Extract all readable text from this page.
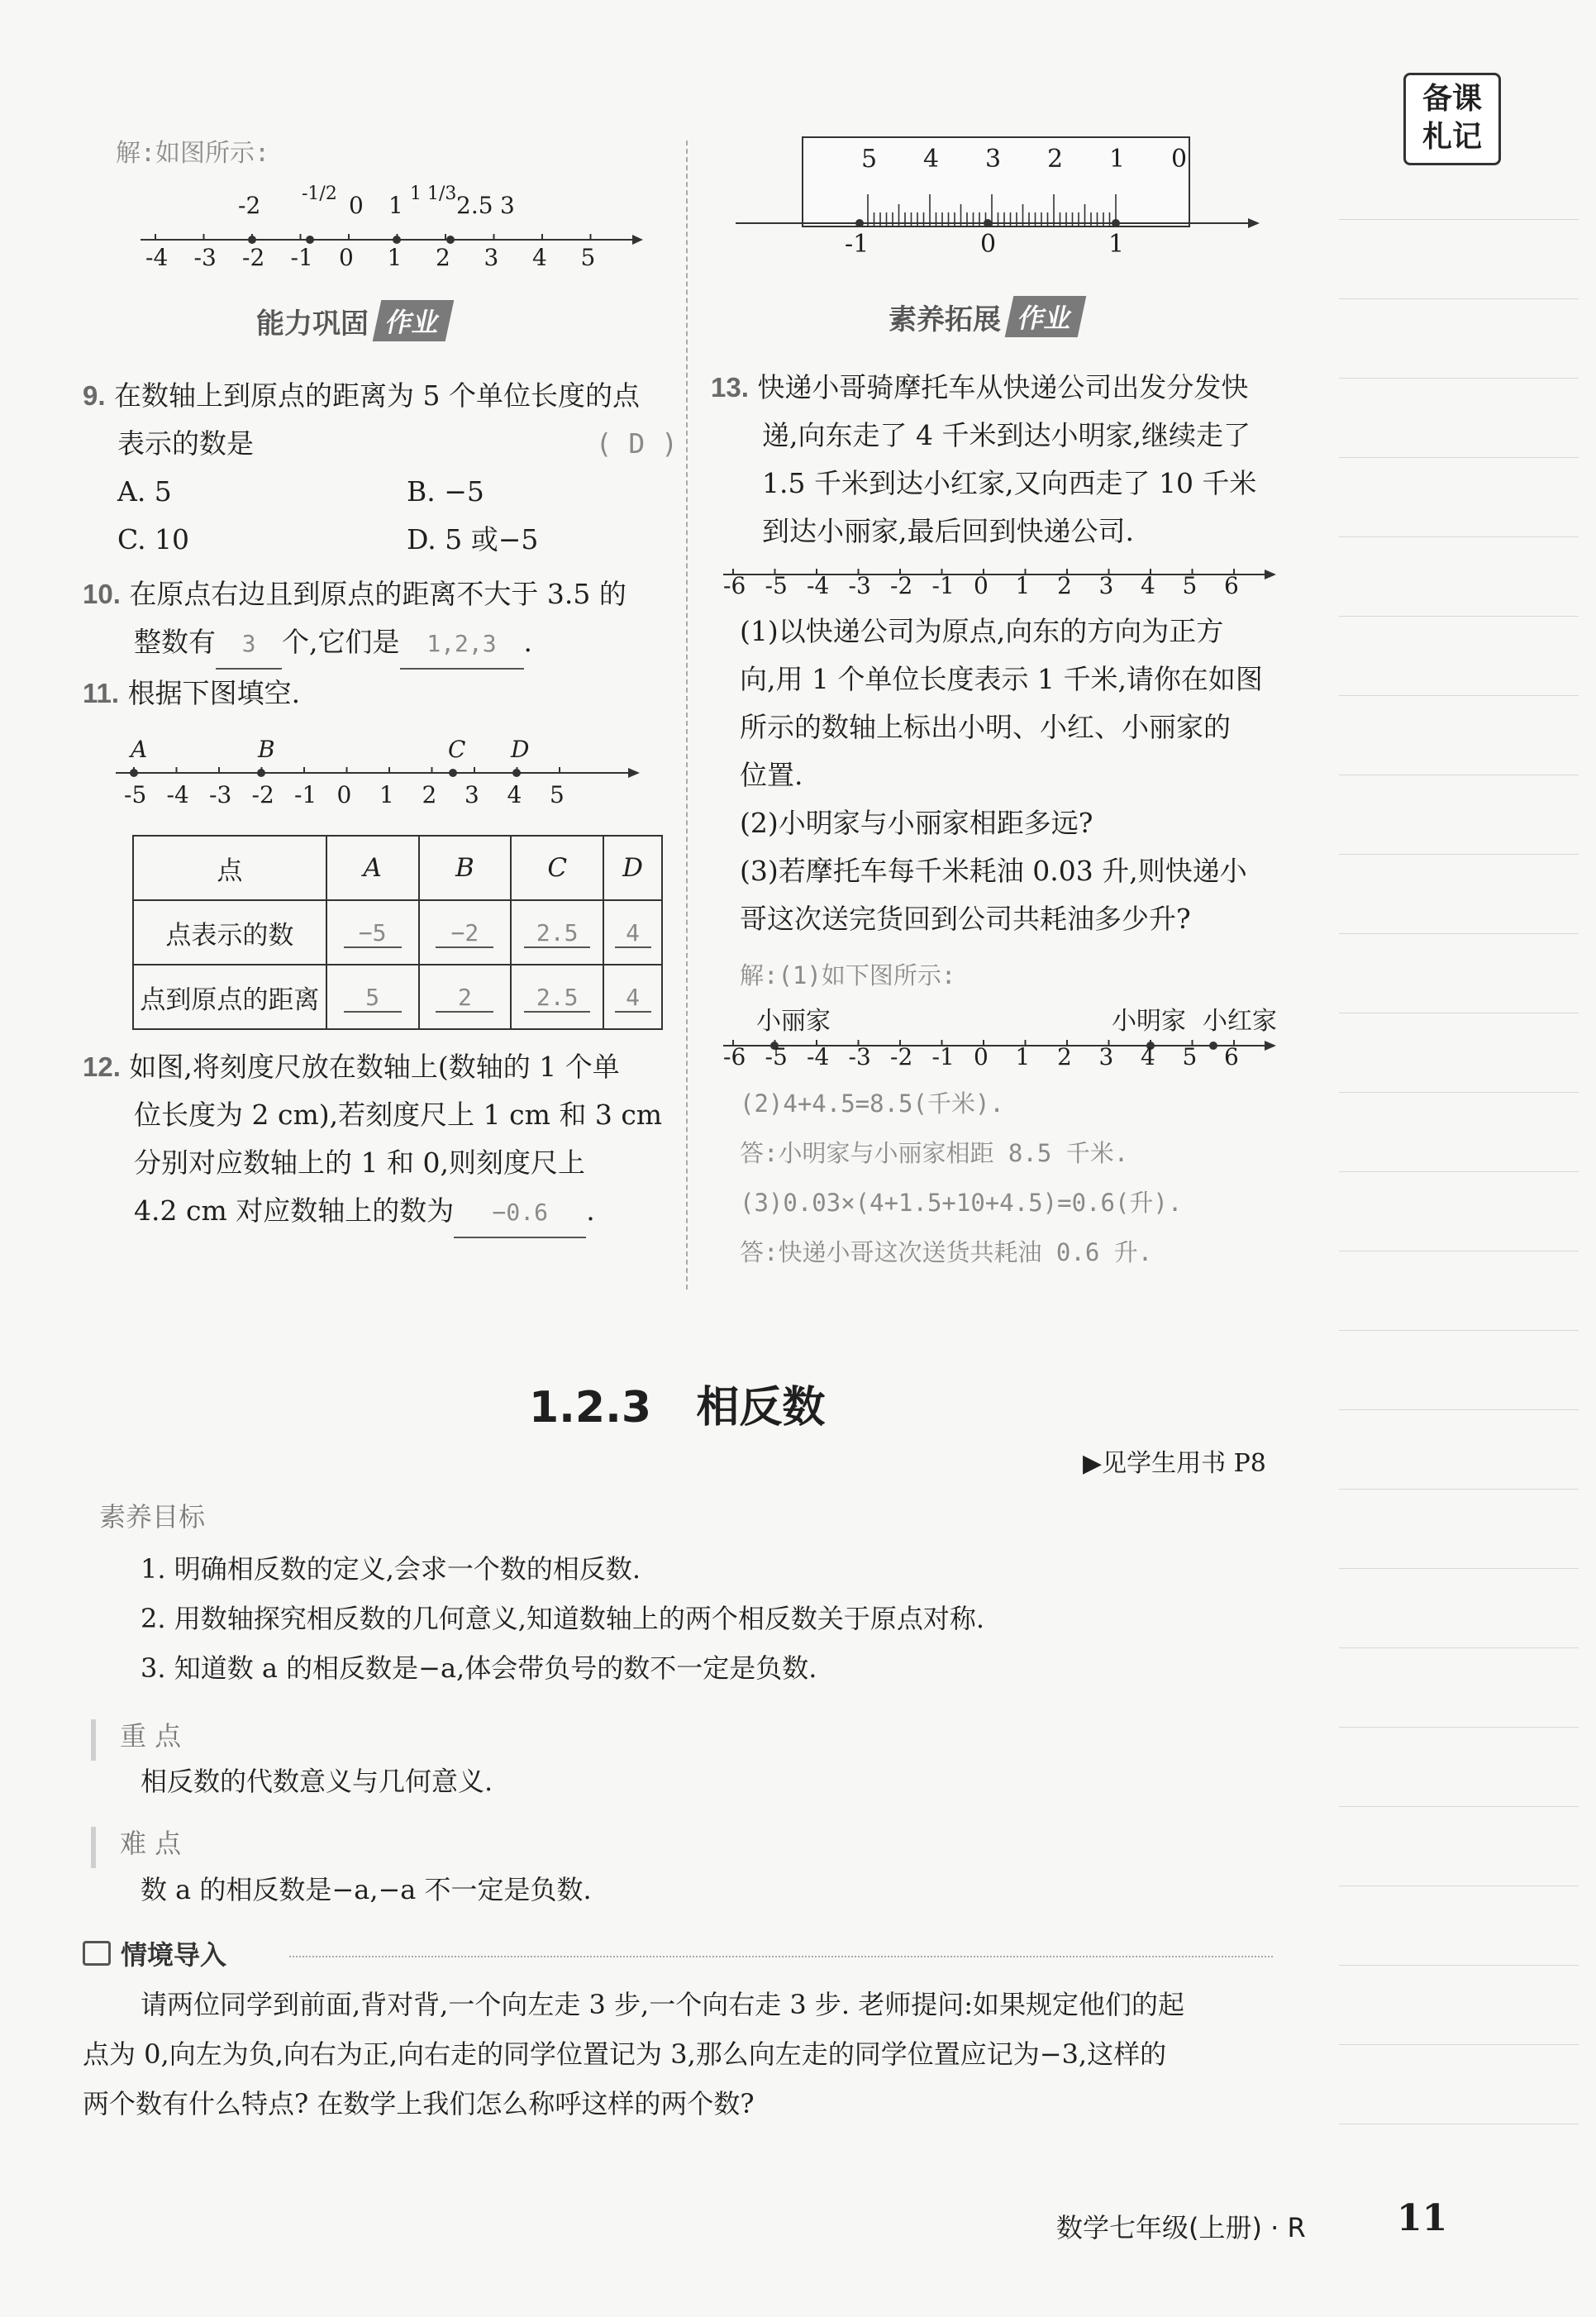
备课
札记
解:如图所示:
-2 -1/2 0 1 1 1/3 2.5 3
-4 -3 -2 -1 0 1 2 3 4 5
5 4 3 2 1 0
-1	0	1
能力巩固 作业	素养拓展 作业
9. 在数轴上到原点的距离为 5 个单位长度的点
表示的数是	( D )
A. 5	B. −5
C. 10	D. 5 或−5
10. 在原点右边且到原点的距离不大于 3.5 的
整数有 3 个,它们是 1,2,3 .
11. 根据下图填空.
A	B	C D
-5 -4 -3 -2 -1 0 1 2 3 4 5
点	A	B	C	D
点表示的数	−5	−2	2.5	4
点到原点的距离	5	2	2.5	4
12. 如图,将刻度尺放在数轴上(数轴的 1 个单
位长度为 2 cm),若刻度尺上 1 cm 和 3 cm
分别对应数轴上的 1 和 0,则刻度尺上
4.2 cm 对应数轴上的数为 −0.6 .
13. 快递小哥骑摩托车从快递公司出发分发快
递,向东走了 4 千米到达小明家,继续走了
1.5 千米到达小红家,又向西走了 10 千米
到达小丽家,最后回到快递公司.
-6 -5 -4 -3 -2 -1 0 1 2 3 4 5 6
(1)以快递公司为原点,向东的方向为正方
向,用 1 个单位长度表示 1 千米,请你在如图
所示的数轴上标出小明、小红、小丽家的
位置.
(2)小明家与小丽家相距多远?
(3)若摩托车每千米耗油 0.03 升,则快递小
哥这次送完货回到公司共耗油多少升?
解:(1)如下图所示:
小丽家	小明家 小红家
-6 -5 -4 -3 -2 -1 0 1 2 3 4 5 6
(2)4+4.5=8.5(千米).
答:小明家与小丽家相距 8.5 千米.
(3)0.03×(4+1.5+10+4.5)=0.6(升).
答:快递小哥这次送货共耗油 0.6 升.
1.2.3 相反数
▶见学生用书 P8
素养目标
1. 明确相反数的定义,会求一个数的相反数.
2. 用数轴探究相反数的几何意义,知道数轴上的两个相反数关于原点对称.
3. 知道数 a 的相反数是−a,体会带负号的数不一定是负数.
重 点
相反数的代数意义与几何意义.
难 点
数 a 的相反数是−a,−a 不一定是负数.
情境导入
请两位同学到前面,背对背,一个向左走 3 步,一个向右走 3 步. 老师提问:如果规定他们的起
点为 0,向左为负,向右为正,向右走的同学位置记为 3,那么向左走的同学位置应记为−3,这样的
两个数有什么特点? 在数学上我们怎么称呼这样的两个数?
数学七年级(上册) · R	11
